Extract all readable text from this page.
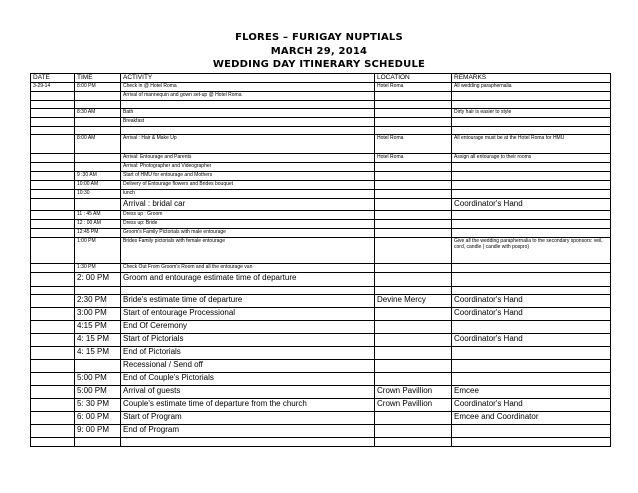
FLORES – FURIGAY NUPTIALS
MARCH 29, 2014
WEDDING DAY ITINERARY SCHEDULE
DATE	TIME	ACTIVITY	LOCATION	REMARKS
3-29-14	8:00 PM	Check in @ Hotel Roma	Hotel Roma	All wedding paraphernalia
		Arrival of mannequin and gown set-up @ Hotel Roma		

	8:30 AM	Bath		Dirty hair is easier to style
		Breakfast		

	8:00 AM	Arrival : Hair & Make Up	Hotel Roma	All entourage must be at the Hotel Roma for HMU
		Arrival: Entourage and Parents	Hotel Roma	Assign all entourage to their rooms
		Arrival: Photographer and Videographer		
	9 :30 AM	Start of HMU for entourage and Mothers		
	10:00 AM	Delivery of Entourage flowers and Brides bouquet		
	10:30	lunch		
		Arrival : bridal car		Coordinator's Hand
	11 : 45 AM	Dress up : Groom		
	12 : 00 AM	Dress up: Bride		
	12:45 PM	Groom's Family Pictorials with male entourage		
	1:00 PM	Brides Family pictorials with female entourage		Give all the wedding paraphernalia to the secondary sponsors: veil, cord, candle ( candle with pospro)
	1:30 PM	Check Out From Groom's Room and all the entourage van		
	2: 00 PM	Groom and entourage estimate time of departure		

	2:30 PM	Bride's estimate time of departure	Devine Mercy	Coordinator's Hand
	3:00 PM	Start of entourage Processional		Coordinator's Hand
	4:15 PM	End Of Ceremony		
	4: 15 PM	Start of Pictorials		Coordinator's Hand
	4: 15 PM	End of Pictorials		
		Recessional / Send off		
	5:00 PM	End of Couple's Pictorials		
	5:00 PM	Arrival of guests	Crown Pavillion	Emcee
	5: 30 PM	Couple's estimate time of departure from the church	Crown Pavillion	Coordinator's Hand
	6: 00 PM	Start of Program		Emcee and Coordinator
	9: 00 PM	End of Program		
